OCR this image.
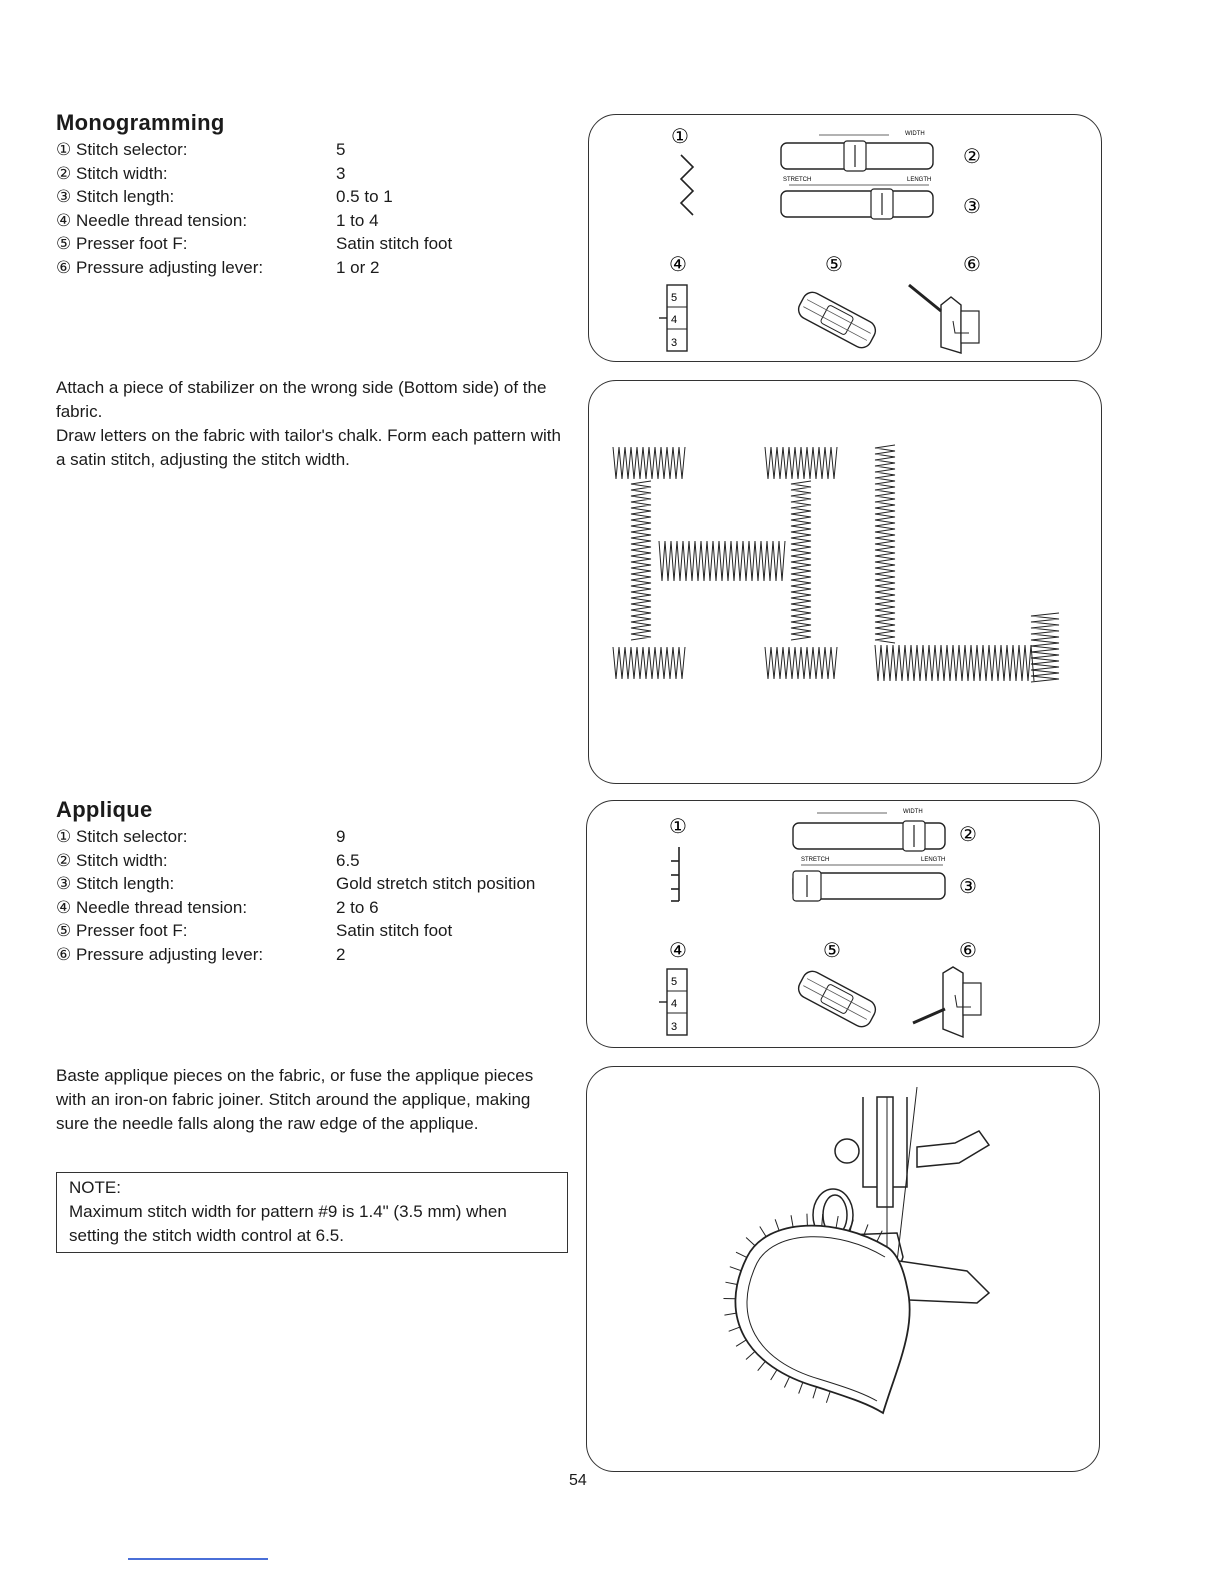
Monogramming
① Stitch selector:	5
② Stitch width:	3
③ Stitch length:	0.5 to 1
④ Needle thread tension:	1 to 4
⑤ Presser foot F:	Satin stitch foot
⑥ Pressure adjusting lever:	1 or 2

Attach a piece of stabilizer on the wrong side (Bottom side) of the fabric.

Draw letters on the fabric with tailor's chalk. Form each pattern with a satin stitch, adjusting the stitch width.

①	WIDTH
②
STRETCH	LENGTH
③
④	⑤	⑥
5
4
3
Applique
① Stitch selector:	9
② Stitch width:	6.5
③ Stitch length:	Gold stretch stitch position
④ Needle thread tension:	2 to 6
⑤ Presser foot F:	Satin stitch foot
⑥ Pressure adjusting lever:	2

Baste applique pieces on the fabric, or fuse the applique pieces with an iron-on fabric joiner. Stitch around the applique, making sure the needle falls along the raw edge of the applique.

NOTE:
Maximum stitch width for pattern #9 is 1.4" (3.5 mm) when setting the stitch width control at 6.5.
①
WIDTH
②
STRETCH	LENGTH
③
④	⑤	⑥
5
4
3
54
